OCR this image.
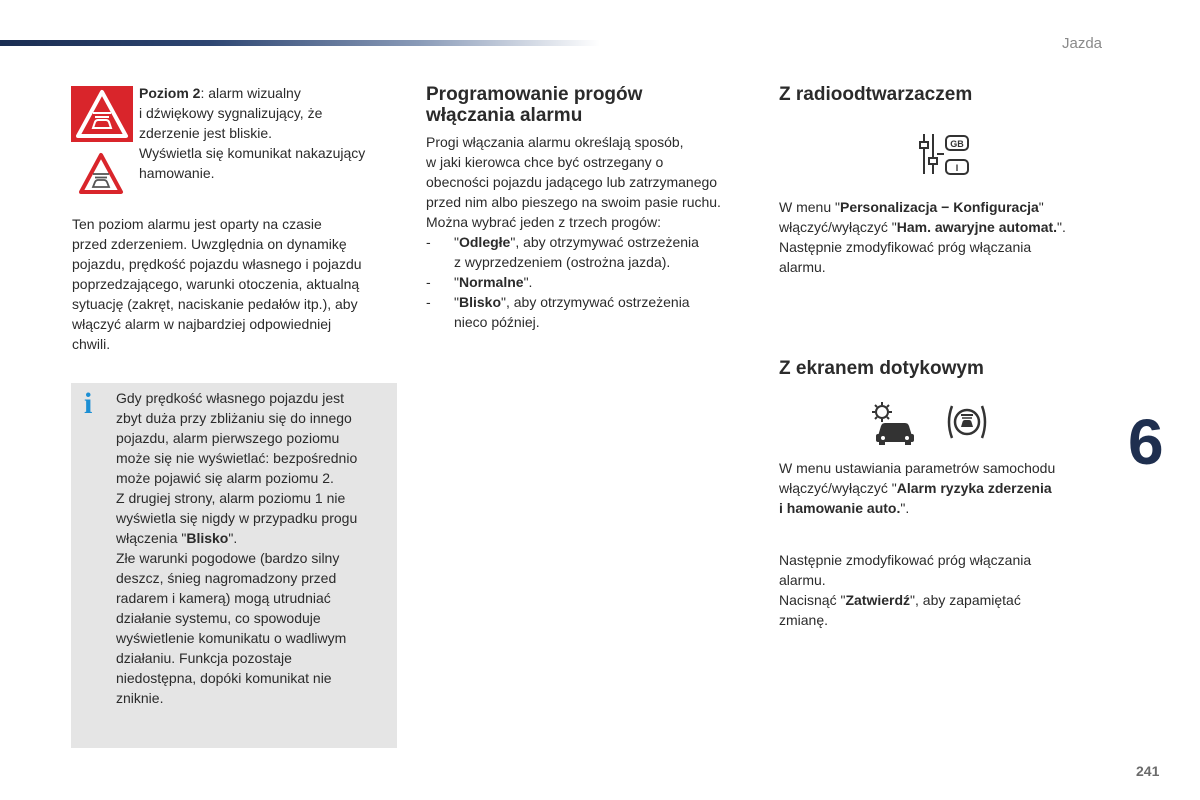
Jazda

Poziom 2: alarm wizualny

i dźwiękowy sygnalizujący, że

zderzenie jest bliskie.

Wyświetla się komunikat nakazujący

hamowanie.

Ten poziom alarmu jest oparty na czasie

przed zderzeniem. Uwzględnia on dynamikę

pojazdu, prędkość pojazdu własnego i pojazdu

poprzedzającego, warunki otoczenia, aktualną

sytuację (zakręt, naciskanie pedałów itp.), aby

włączyć alarm w najbardziej odpowiedniej

chwili.

i	Gdy prędkość własnego pojazdu jest

zbyt duża przy zbliżaniu się do innego

pojazdu, alarm pierwszego poziomu

może się nie wyświetlać: bezpośrednio

może pojawić się alarm poziomu 2.

Z drugiej strony, alarm poziomu 1 nie

wyświetla się nigdy w przypadku progu

włączenia "Blisko".

Złe warunki pogodowe (bardzo silny

deszcz, śnieg nagromadzony przed

radarem i kamerą) mogą utrudniać

działanie systemu, co spowoduje

wyświetlenie komunikatu o wadliwym

działaniu. Funkcja pozostaje

niedostępna, dopóki komunikat nie

zniknie.

Programowanie progów
włączania alarmu

Progi włączania alarmu określają sposób,

w jaki kierowca chce być ostrzegany o

obecności pojazdu jadącego lub zatrzymanego

przed nim albo pieszego na swoim pasie ruchu.

Można wybrać jeden z trzech progów:

- "Odległe", aby otrzymywać ostrzeżenia
z wyprzedzeniem (ostrożna jazda).
- "Normalne".
- "Blisko", aby otrzymywać ostrzeżenia
nieco później.
Z radioodtwarzaczem
GB
I

W menu "Personalizacja − Konfiguracja"

włączyć/wyłączyć "Ham. awaryjne automat.".

Następnie zmodyfikować próg włączania

alarmu.

Z ekranem dotykowym

W menu ustawiania parametrów samochodu

włączyć/wyłączyć "Alarm ryzyka zderzenia

i hamowanie auto.".

Następnie zmodyfikować próg włączania

alarmu.

Nacisnąć "Zatwierdź", aby zapamiętać

zmianę.

6
241
